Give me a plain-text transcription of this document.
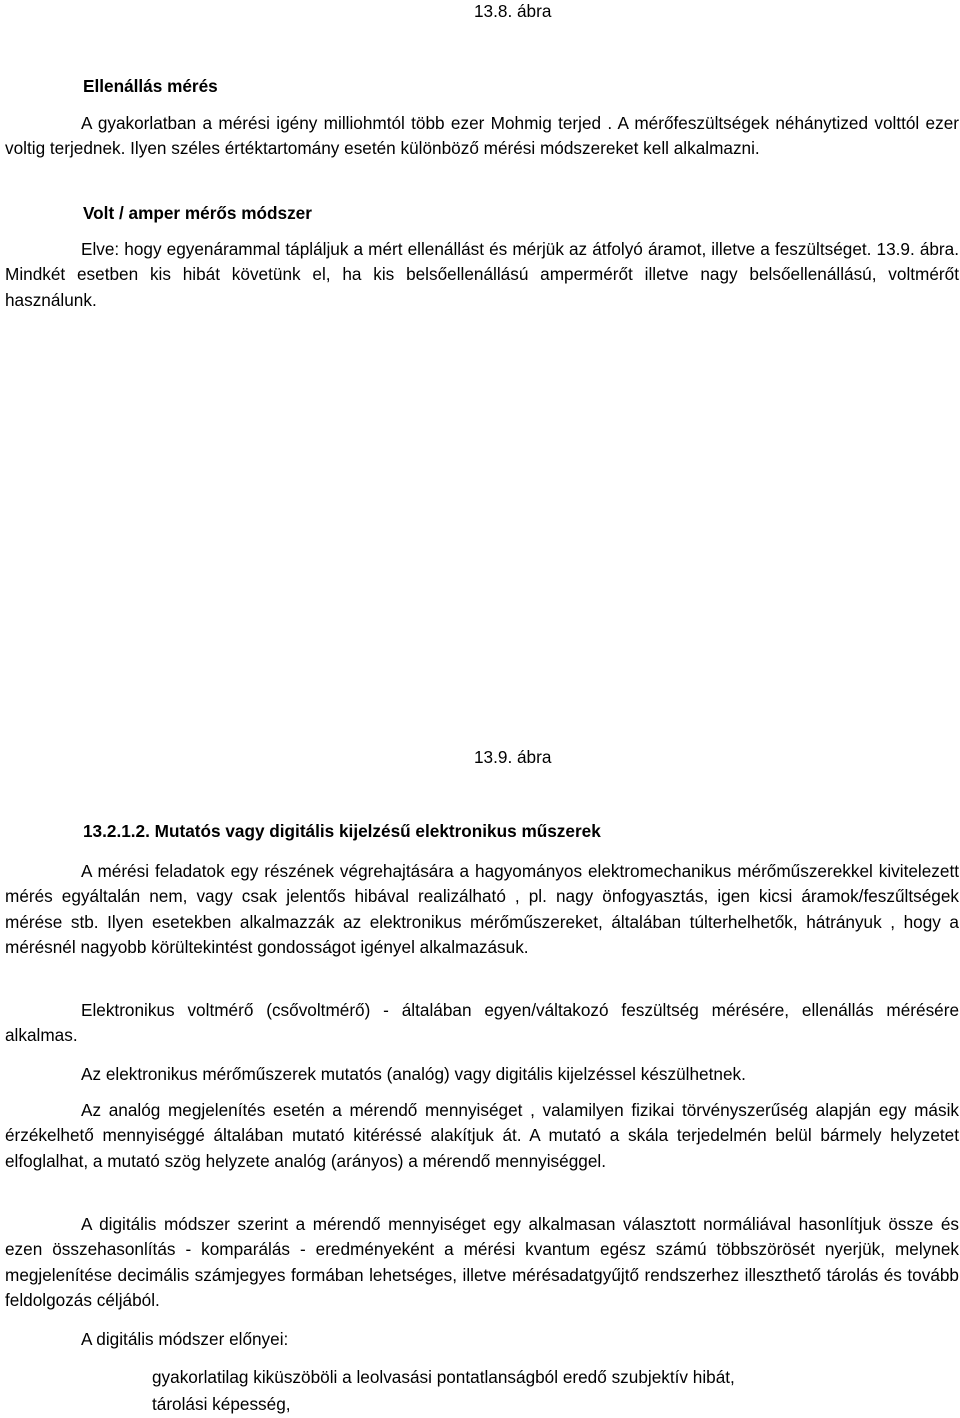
13.8. ábra
Ellenállás mérés
A gyakorlatban a mérési igény milliohmtól több ezer Mohmig terjed . A mérőfeszültségek néhánytized volttól ezer voltig terjednek. Ilyen széles értéktartomány esetén különböző mérési módszereket kell alkalmazni.
Volt / amper mérős módszer
Elve: hogy egyenárammal tápláljuk a mért ellenállást és mérjük az átfolyó áramot, illetve a feszültséget. 13.9. ábra. Mindkét esetben kis hibát követünk el, ha kis belsőellenállású ampermérőt illetve nagy belsőellenállású, voltmérőt használunk.
13.9. ábra
13.2.1.2. Mutatós vagy digitális kijelzésű elektronikus műszerek
A mérési feladatok egy részének végrehajtására a hagyományos elektromechanikus mérőműszerekkel kivitelezett mérés egyáltalán nem, vagy csak jelentős hibával realizálható , pl. nagy önfogyasztás, igen kicsi áramok/feszűltségek mérése stb. Ilyen esetekben alkalmazzák az elektronikus mérőműszereket, általában túlterhelhetők, hátrányuk , hogy a mérésnél nagyobb körültekintést gondosságot igényel alkalmazásuk.
Elektronikus voltmérő (csővoltmérő) - általában egyen/váltakozó feszültség mérésére, ellenállás mérésére alkalmas.
Az elektronikus mérőműszerek mutatós (analóg) vagy digitális kijelzéssel készülhetnek.
Az analóg megjelenítés esetén a mérendő mennyiséget , valamilyen fizikai törvényszerűség alapján egy másik érzékelhető mennyiséggé általában mutató kitéréssé alakítjuk át. A mutató a skála terjedelmén belül bármely helyzetet elfoglalhat, a mutató szög helyzete analóg (arányos) a mérendő mennyiséggel.
A digitális módszer szerint a mérendő mennyiséget egy alkalmasan választott normáliával hasonlítjuk össze és ezen összehasonlítás - komparálás - eredményeként a mérési kvantum egész számú többszörösét nyerjük, melynek megjelenítése decimális számjegyes formában lehetséges, illetve mérésadatgyűjtő rendszerhez illeszthető tárolás és tovább feldolgozás céljából.
A digitális módszer előnyei:
gyakorlatilag kiküszöböli a leolvasási pontatlanságból eredő szubjektív hibát,
tárolási képesség,
